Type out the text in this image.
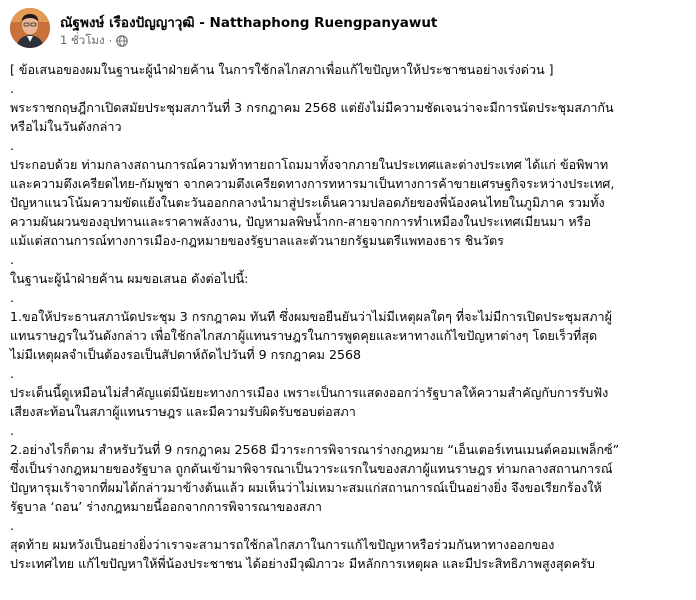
ณัฐพงษ์ เรืองปัญญาวุฒิ - Natthaphong Ruengpanyawut
1 ชั่วโมง ·

[ ข้อเสนอของผมในฐานะผู้นำฝ่ายค้าน ในการใช้กลไกสภาเพื่อแก้ไขปัญหาให้ประชาชนอย่างเร่งด่วน ]

.

พระราชกฤษฎีกาเปิดสมัยประชุมสภาวันที่ 3 กรกฎาคม 2568 แต่ยังไม่มีความชัดเจนว่าจะมีการนัดประชุมสภากัน
หรือไม่ในวันดังกล่าว

.

ประกอบด้วย ท่ามกลางสถานการณ์ความท้าทายถาโถมมาทั้งจากภายในประเทศและต่างประเทศ ได้แก่ ข้อพิพาท
และความตึงเครียดไทย-กัมพูชา จากความตึงเครียดทางการทหารมาเป็นทางการค้าขายเศรษฐกิจระหว่างประเทศ,
ปัญหาแนวโน้มความขัดแย้งในตะวันออกกลางนำมาสู่ประเด็นความปลอดภัยของพี่น้องคนไทยในภูมิภาค รวมทั้ง
ความผันผวนของอุปทานและราคาพลังงาน, ปัญหามลพิษน้ำกก-สายจากการทำเหมืองในประเทศเมียนมา หรือ
แม้แต่สถานการณ์ทางการเมือง-กฎหมายของรัฐบาลและตัวนายกรัฐมนตรีแพทองธาร ชินวัตร

.

ในฐานะผู้นำฝ่ายค้าน ผมขอเสนอ ดังต่อไปนี้:

.

1.ขอให้ประธานสภานัดประชุม 3 กรกฎาคม ทันที ซึ่งผมขอยืนยันว่าไม่มีเหตุผลใดๆ ที่จะไม่มีการเปิดประชุมสภาผู้
แทนราษฎรในวันดังกล่าว เพื่อใช้กลไกสภาผู้แทนราษฎรในการพูดคุยและหาทางแก้ไขปัญหาต่างๆ โดยเร็วที่สุด
ไม่มีเหตุผลจำเป็นต้องรอเป็นสัปดาห์ถัดไปวันที่ 9 กรกฎาคม 2568

.

ประเด็นนี้ดูเหมือนไม่สำคัญแต่มีนัยยะทางการเมือง เพราะเป็นการแสดงออกว่ารัฐบาลให้ความสำคัญกับการรับฟัง
เสียงสะท้อนในสภาผู้แทนราษฎร และมีความรับผิดรับชอบต่อสภา

.

2.อย่างไรก็ตาม สำหรับวันที่ 9 กรกฎาคม 2568 มีวาระการพิจารณาร่างกฎหมาย “เอ็นเตอร์เทนเมนต์คอมเพล็กซ์”
ซึ่งเป็นร่างกฎหมายของรัฐบาล ถูกดันเข้ามาพิจารณาเป็นวาระแรกในของสภาผู้แทนราษฎร ท่ามกลางสถานการณ์
ปัญหารุมเร้าจากที่ผมได้กล่าวมาข้างต้นแล้ว ผมเห็นว่าไม่เหมาะสมแก่สถานการณ์เป็นอย่างยิ่ง จึงขอเรียกร้องให้
รัฐบาล ‘ถอน’ ร่างกฎหมายนี้ออกจากการพิจารณาของสภา

.

สุดท้าย ผมหวังเป็นอย่างยิ่งว่าเราจะสามารถใช้กลไกสภาในการแก้ไขปัญหาหรือร่วมกันหาทางออกของ
ประเทศไทย แก้ไขปัญหาให้พี่น้องประชาชน ได้อย่างมีวุฒิภาวะ มีหลักการเหตุผล และมีประสิทธิภาพสูงสุดครับ
